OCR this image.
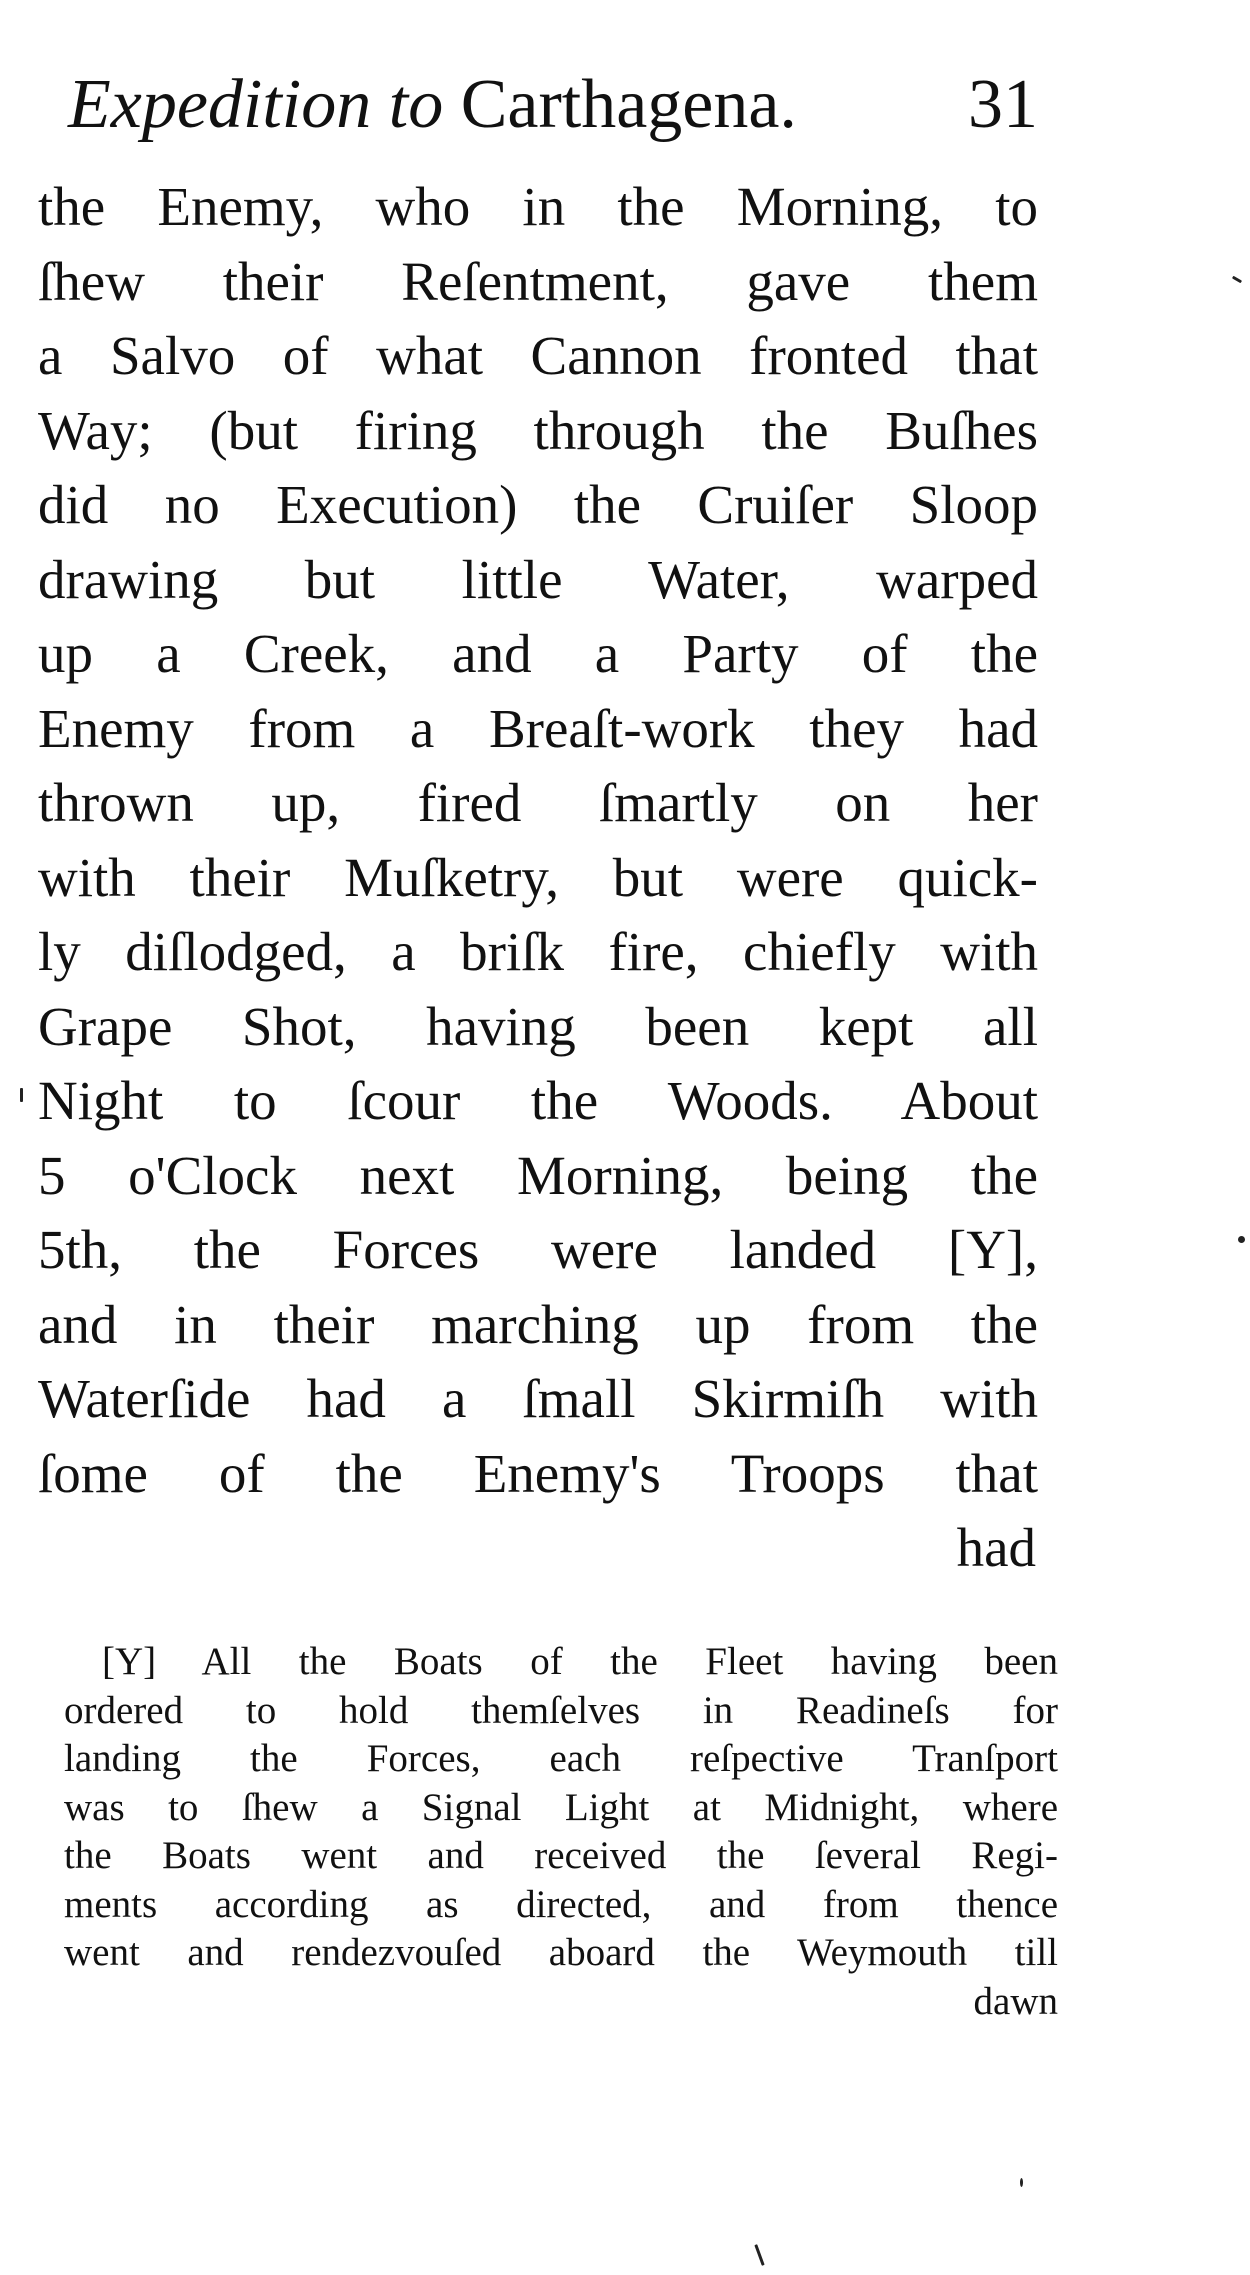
Expedition to Carthagena. 31
the Enemy, who in the Morning, to
ſhew their Reſentment, gave them
a Salvo of what Cannon fronted that
Way; (but firing through the Buſhes
did no Execution) the Cruiſer Sloop
drawing but little Water, warped
up a Creek, and a Party of the
Enemy from a Breaſt-work they had
thrown up, fired ſmartly on her
with their Muſketry, but were quick-
ly diſlodged, a briſk fire, chiefly with
Grape Shot, having been kept all
Night to ſcour the Woods. About
5 o'Clock next Morning, being the
5th, the Forces were landed [Y],
and in their marching up from the
Waterſide had a ſmall Skirmiſh with
ſome of the Enemy's Troops that
had
[Y] All the Boats of the Fleet having been
ordered to hold themſelves in Readineſs for
landing the Forces, each reſpective Tranſport
was to ſhew a Signal Light at Midnight, where
the Boats went and received the ſeveral Regi-
ments according as directed, and from thence
went and rendezvouſed aboard the Weymouth till
dawn
